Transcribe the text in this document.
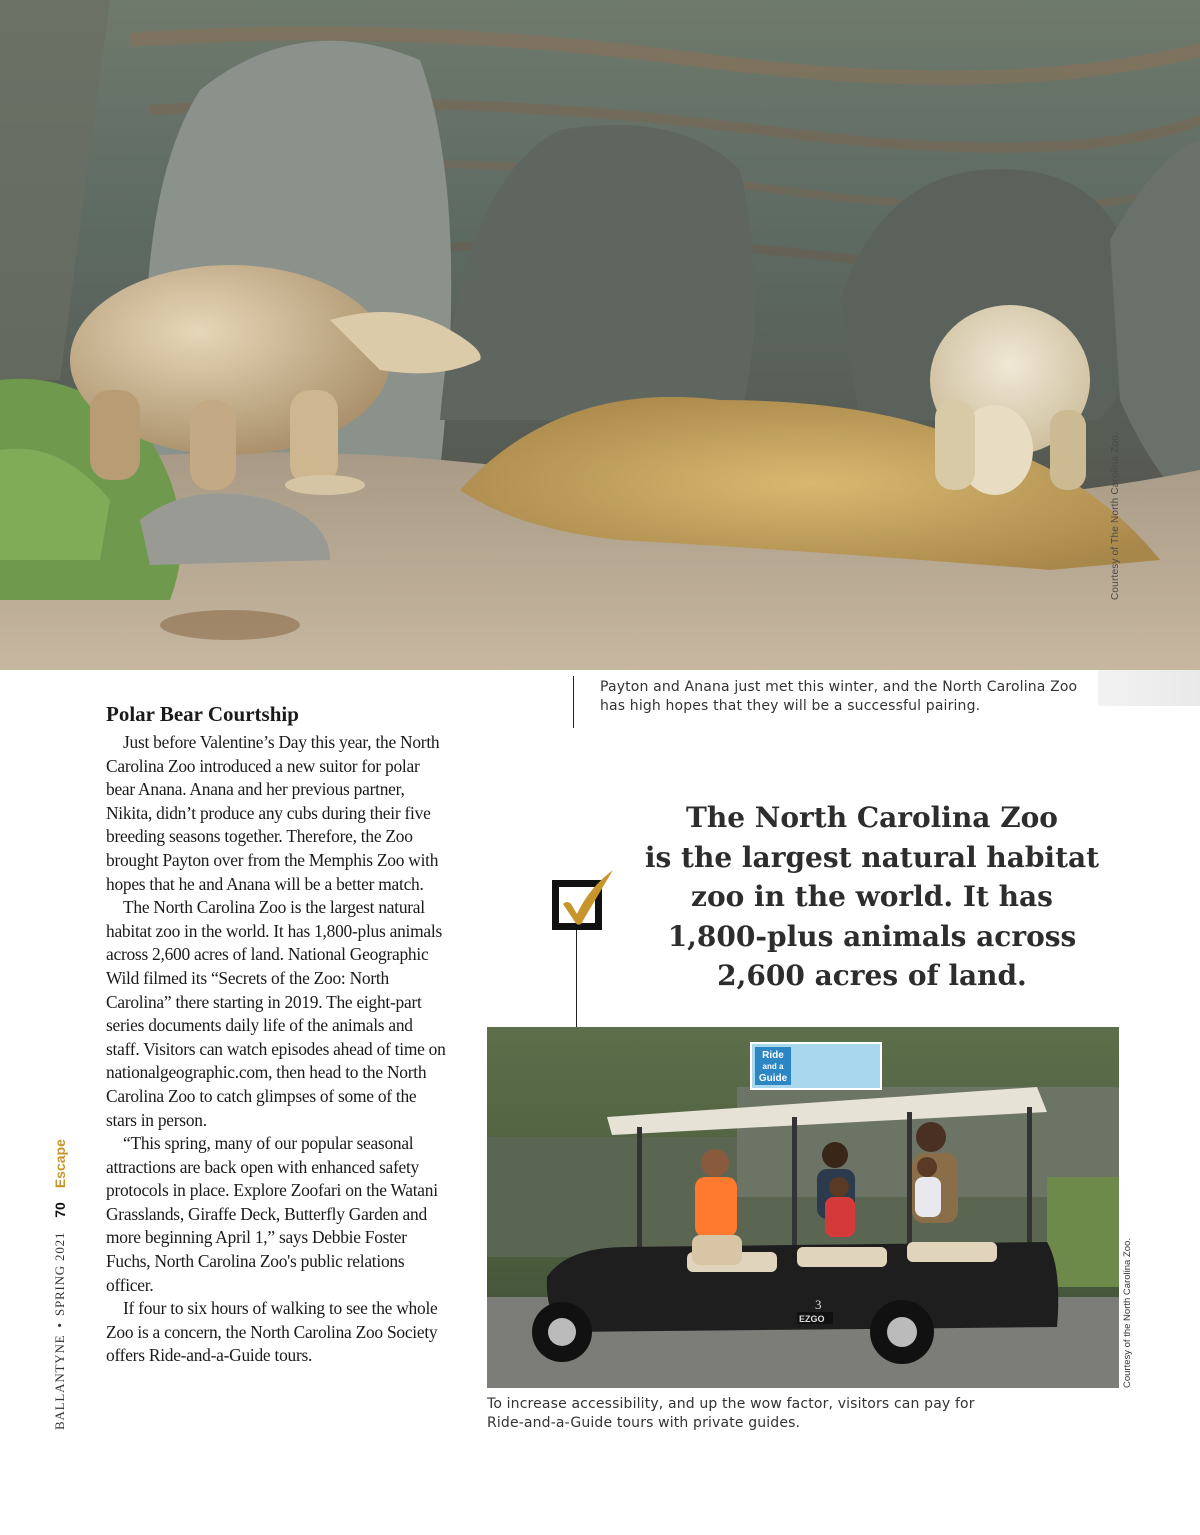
Courtesy of The North Carolina Zoo.
Payton and Anana just met this winter, and the North Carolina Zoo has high hopes that they will be a successful pairing.
Polar Bear Courtship

Just before Valentine’s Day this year, the North Carolina Zoo introduced a new suitor for polar bear Anana. Anana and her previous partner, Nikita, didn’t produce any cubs during their five breeding seasons together. Therefore, the Zoo brought Payton over from the Memphis Zoo with hopes that he and Anana will be a better match.

The North Carolina Zoo is the largest natural habitat zoo in the world. It has 1,800-plus animals across 2,600 acres of land. National Geographic Wild filmed its “Secrets of the Zoo: North Carolina” there starting in 2019. The eight-part series documents daily life of the animals and staff. Visitors can watch episodes ahead of time on nationalgeographic.com, then head to the North Carolina Zoo to catch glimpses of some of the stars in person.

“This spring, many of our popular seasonal attractions are back open with enhanced safety protocols in place. Explore Zoofari on the Watani Grasslands, Giraffe Deck, Butterfly Garden and more beginning April 1,” says Debbie Foster Fuchs, North Carolina Zoo's public relations officer.

If four to six hours of walking to see the whole Zoo is a concern, the North Carolina Zoo Society offers Ride-and-a-Guide tours.

The North Carolina Zoo
is the largest natural habitat
zoo in the world. It has
1,800-plus animals across
2,600 acres of land.
Ride
and a
Guide
3
EZGO	Courtesy of the North Carolina Zoo.
To increase accessibility, and up the wow factor, visitors can pay for Ride-and-a-Guide tours with private guides.
BALLANTYNE
•
SPRING 2021
70
Escape
